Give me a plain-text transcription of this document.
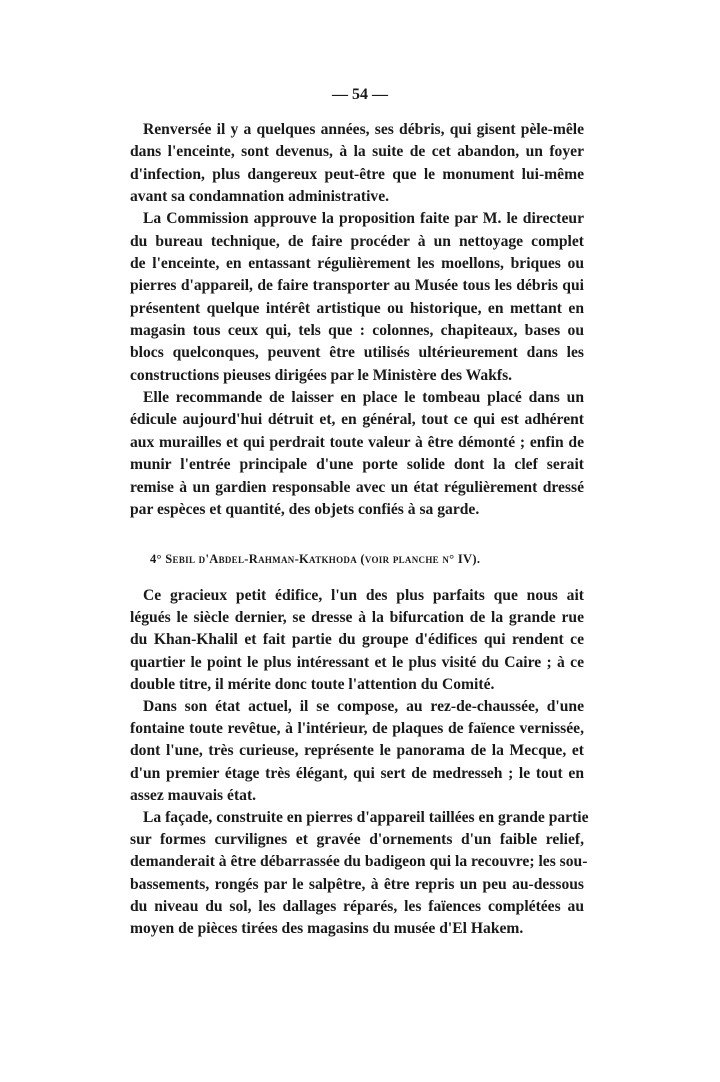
— 54 —
Renversée il y a quelques années, ses débris, qui gisent pèle-mêle
dans l'enceinte, sont devenus, à la suite de cet abandon, un foyer
d'infection, plus dangereux peut-être que le monument lui-même
avant sa condamnation administrative.
La Commission approuve la proposition faite par M. le directeur
du bureau technique, de faire procéder à un nettoyage complet
de l'enceinte, en entassant régulièrement les moellons, briques ou
pierres d'appareil, de faire transporter au Musée tous les débris qui
présentent quelque intérêt artistique ou historique, en mettant en
magasin tous ceux qui, tels que : colonnes, chapiteaux, bases ou
blocs quelconques, peuvent être utilisés ultérieurement dans les
constructions pieuses dirigées par le Ministère des Wakfs.
Elle recommande de laisser en place le tombeau placé dans un
édicule aujourd'hui détruit et, en général, tout ce qui est adhérent
aux murailles et qui perdrait toute valeur à être démonté ; enfin de
munir l'entrée principale d'une porte solide dont la clef serait
remise à un gardien responsable avec un état régulièrement dressé
par espèces et quantité, des objets confiés à sa garde.
4° Sebil d'Abdel-Rahman-Katkhoda (voir planche n° IV).
Ce gracieux petit édifice, l'un des plus parfaits que nous ait
légués le siècle dernier, se dresse à la bifurcation de la grande rue
du Khan-Khalil et fait partie du groupe d'édifices qui rendent ce
quartier le point le plus intéressant et le plus visité du Caire ; à ce
double titre, il mérite donc toute l'attention du Comité.
Dans son état actuel, il se compose, au rez-de-chaussée, d'une
fontaine toute revêtue, à l'intérieur, de plaques de faïence vernissée,
dont l'une, très curieuse, représente le panorama de la Mecque, et
d'un premier étage très élégant, qui sert de medresseh ; le tout en
assez mauvais état.
La façade, construite en pierres d'appareil taillées en grande partie
sur formes curvilignes et gravée d'ornements d'un faible relief,
demanderait à être débarrassée du badigeon qui la recouvre; les sou-
bassements, rongés par le salpêtre, à être repris un peu au-dessous
du niveau du sol, les dallages réparés, les faïences complétées au
moyen de pièces tirées des magasins du musée d'El Hakem.
